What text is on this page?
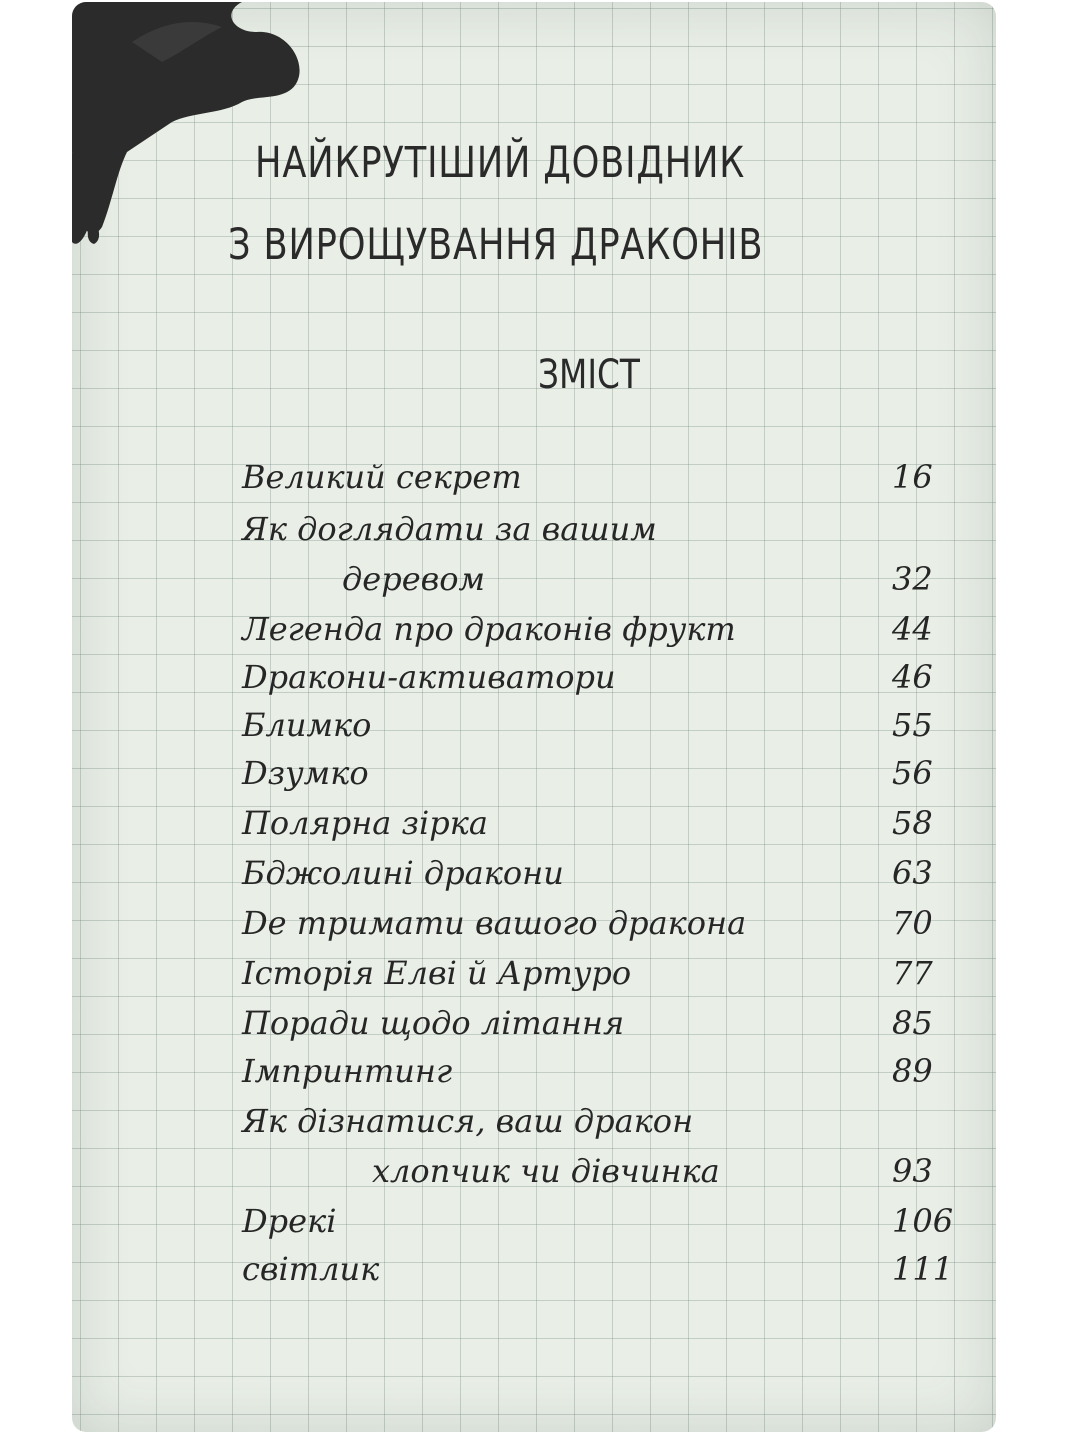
НАЙКРУТІШИЙ ДОВІДНИК
З ВИРОЩУВАННЯ ДРАКОНІВ
ЗМІСТ
Великий секрет	16
Як доглядати за вашим
деревом	32
Легенда про драконів фрукт	44
Dракони-активатори	46
Блимко	55
Dзумко	56
Полярна зірка	58
Бджолині дракони	63
De тримати вашого дракона	70
Історія Елві й Артуро	77
Поради щодо літання	85
Імпринтинг	89
Як дізнатися, ваш дракон
хлопчик чи дівчинка	93
Dрекі	106
світлик	111
